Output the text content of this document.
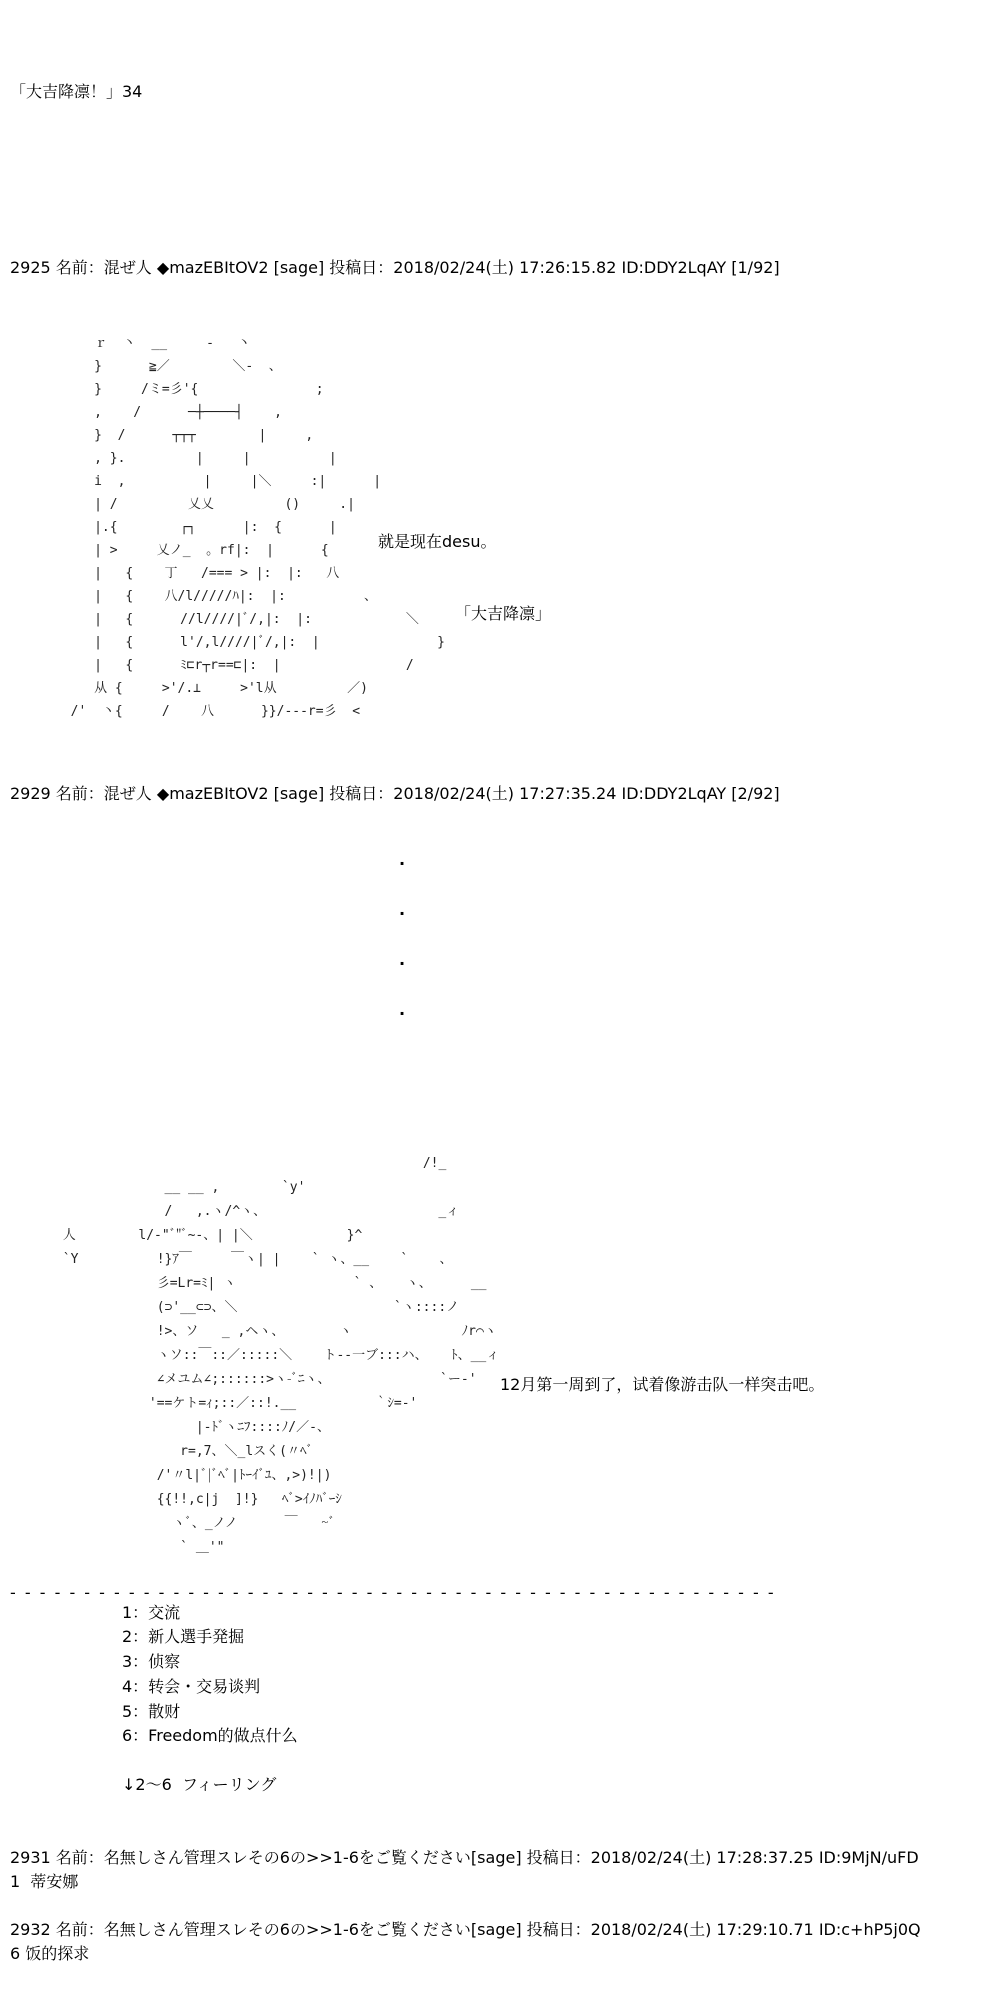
「大吉降凛！」34
2925 名前：混ぜ人 ◆mazEBItOV2 [sage] 投稿日：2018/02/24(土) 17:26:15.82 ID:DDY2LqAY [1/92]
ｒ  丶  __     -   丶
}      ≧／        ＼-  、
}     /ミ=彡'{               ;
,    /      ─┼────┤    ,
}  /      ┬┬┬        |     ,
, }.         |     |          |
i  ,          |     |＼     :|      |
| /         乂乂         ()     .|
|.{        ┌┐      |:  {      |
| >     乂ノ_  。rf|:  |      {
|   {    丁   /=== > |:  |:   八
|   {    八/l/////ﾊ|:  |:          、
|   {      //l////|ﾞ/,|:  |:            ＼
|   {      l'/,l////|ﾞ/,|:  |               }
|   {      ﾐ⊏r┬r==⊏|:  |                /
从 {     >'/.⊥     >'l从         ／)
/'  丶{     /    八      }}/---r=彡  <
就是现在desu。
「大吉降凛」
2929 名前：混ぜ人 ◆mazEBItOV2 [sage] 投稿日：2018/02/24(土) 17:27:35.24 ID:DDY2LqAY [2/92]
.
.
.
.
/!_
__ __ ,        `y'
/   ,.ヽ/^ヽ、                      _ィ
人        l/-"ﾞ"ﾞ~-、| |＼            }^
`Y          !}ｱ￣     ￣ヽ| |    ` ヽ、__    `    、
彡=Lr=ﾐ| ヽ               ` 、   ヽ、     __
(⊃'__⊂⊃、＼                    `ヽ::::ノ
!>、ソ   _ ,ヘヽ、       ヽ              ﾉr⌒ヽ
ヽソ::￣::／:::::＼    ト--一ブ:::ハ、   ﾄ、__ィ
∠メユム∠;::::::>ヽ-ﾞﾆヽ、              `ー-'
'==ケト=ｨ;::／::!.__          ｀ｼ=-'
|-ﾄﾞヽﾆﾌ::::ﾉ/／-、
r=,7、＼_lスく(〃ﾍﾞ
/'〃l|ﾞ|ﾞﾍﾞ|ﾄｰｲﾞﾕ、,>)!|)
{{!!,c|j  ]!}   ﾍﾞ>ｲﾉﾊﾞｰｼ
ヽﾞ、_ノノ      ￣   ~ﾞ
` ＿'"
12月第一周到了，试着像游击队一样突击吧。
- - - - - - - - - - - - - - - - - - - - - - - - - - - - - - - - - - - - - - - - - - - - - - - - - - - -
1：交流
2：新人選手発掘
3：侦察
4：转会・交易谈判
5：散财
6：Freedom的做点什么
↓2～6  フィーリング
2931 名前：名無しさん管理スレその6の>>1-6をご覧ください[sage] 投稿日：2018/02/24(土) 17:28:37.25 ID:9MjN/uFD
1  蒂安娜
2932 名前：名無しさん管理スレその6の>>1-6をご覧ください[sage] 投稿日：2018/02/24(土) 17:29:10.71 ID:c+hP5j0Q
6 饭的探求
